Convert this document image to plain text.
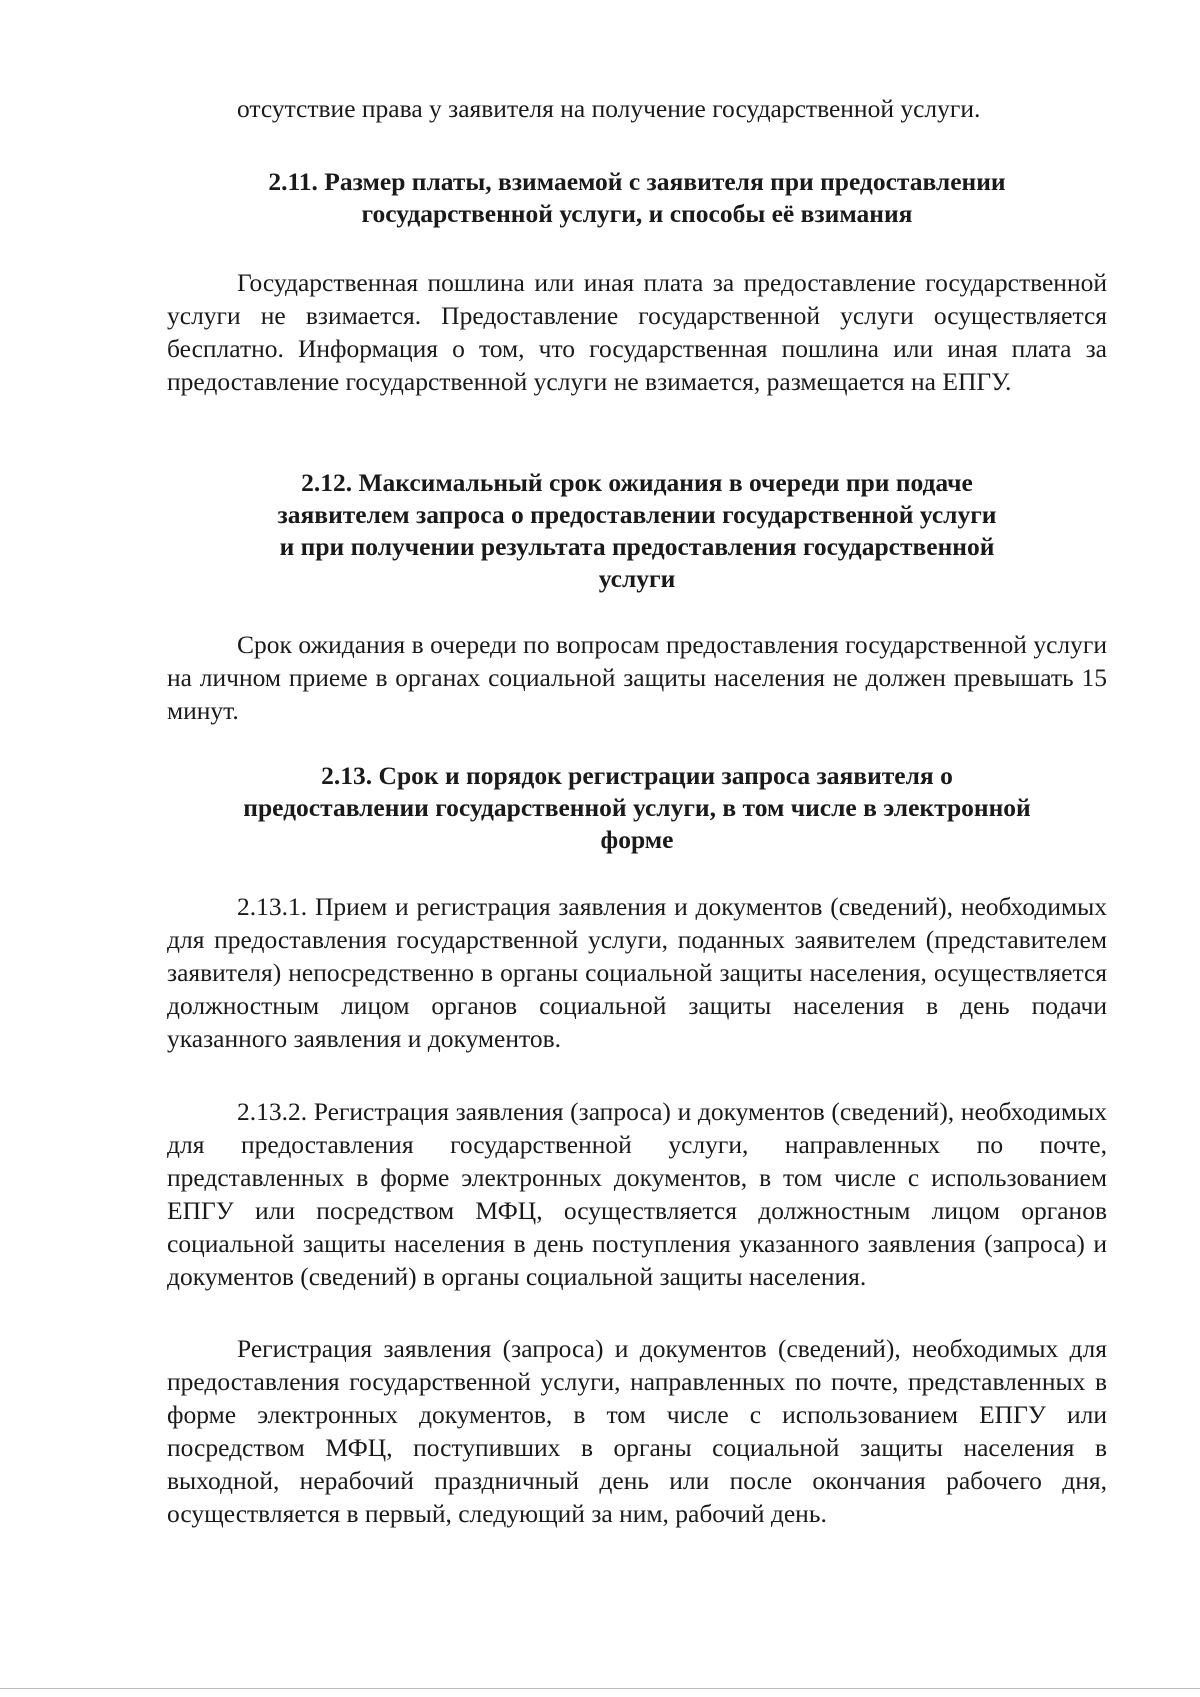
отсутствие права у заявителя на получение государственной услуги.

2.11. Размер платы, взимаемой с заявителя при предоставлении

государственной услуги, и способы её взимания

Государственная пошлина или иная плата за предоставление государственной услуги не взимается. Предоставление государственной услуги осуществляется бесплатно. Информация о том, что государственная пошлина или иная плата за предоставление государственной услуги не взимается, размещается на ЕПГУ.

2.12. Максимальный срок ожидания в очереди при подаче

заявителем запроса о предоставлении государственной услуги

и при получении результата предоставления государственной

услуги

Срок ожидания в очереди по вопросам предоставления государственной услуги на личном приеме в органах социальной защиты населения не должен превышать 15 минут.

2.13. Срок и порядок регистрации запроса заявителя о

предоставлении государственной услуги, в том числе в электронной

форме

2.13.1. Прием и регистрация заявления и документов (сведений), необходимых для предоставления государственной услуги, поданных заявителем (представителем заявителя) непосредственно в органы социальной защиты населения, осуществляется должностным лицом органов социальной защиты населения в день подачи указанного заявления и документов.

2.13.2. Регистрация заявления (запроса) и документов (сведений), необходимых для предоставления государственной услуги, направленных по почте, представленных в форме электронных документов, в том числе с использованием ЕПГУ или посредством МФЦ, осуществляется должностным лицом органов социальной защиты населения в день поступления указанного заявления (запроса) и документов (сведений) в органы социальной защиты населения.

Регистрация заявления (запроса) и документов (сведений), необходимых для предоставления государственной услуги, направленных по почте, представленных в форме электронных документов, в том числе с использованием ЕПГУ или посредством МФЦ, поступивших в органы социальной защиты населения в выходной, нерабочий праздничный день или после окончания рабочего дня, осуществляется в первый, следующий за ним, рабочий день.
